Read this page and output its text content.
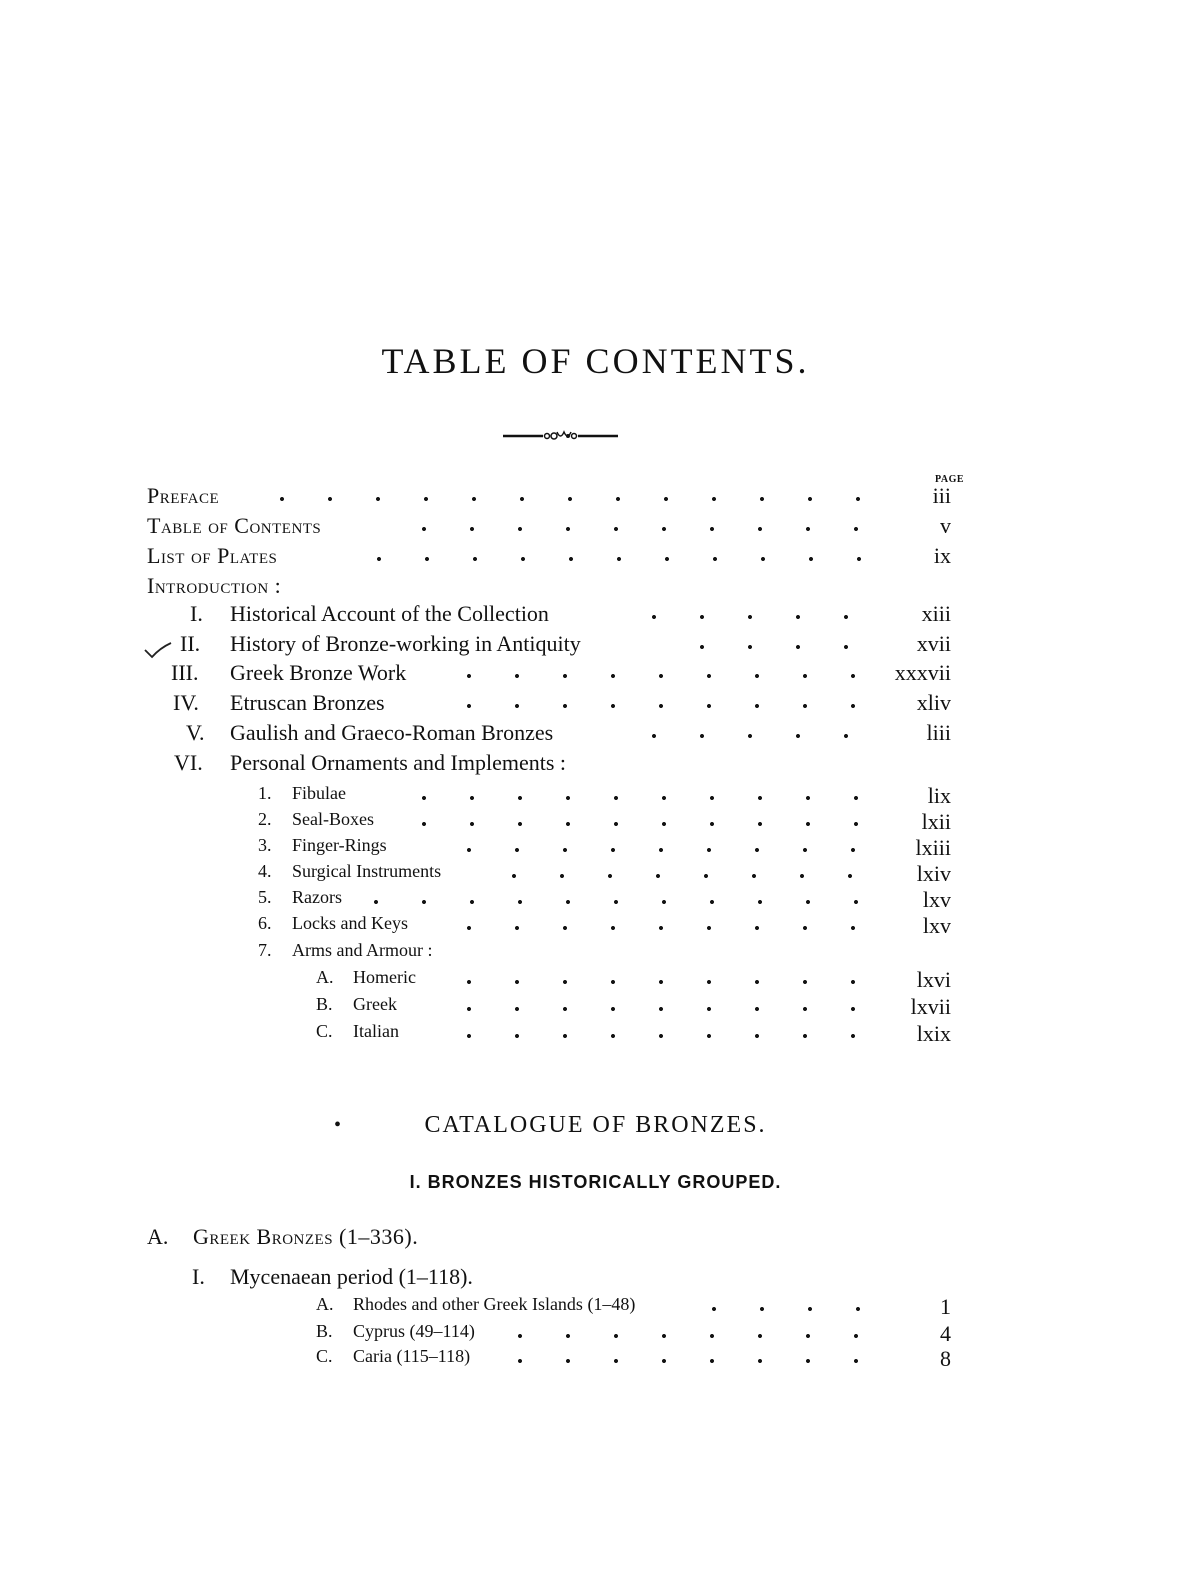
TABLE OF CONTENTS.
PAGE
Preface	iii
Table of Contents	v
List of Plates	ix
Introduction :
I. Historical Account of the Collection	xiii
II. History of Bronze-working in Antiquity	xvii
III. Greek Bronze Work	xxxvii
IV. Etruscan Bronzes	xliv
V. Gaulish and Graeco-Roman Bronzes	liii
VI. Personal Ornaments and Implements :
1. Fibulae	lix
2. Seal-Boxes	lxii
3. Finger-Rings	lxiii
4. Surgical Instruments	lxiv
5. Razors	lxv
6. Locks and Keys	lxv
7. Arms and Armour :
A. Homeric	lxvi
B. Greek	lxvii
C. Italian	lxix
•	CATALOGUE OF BRONZES.
I. BRONZES HISTORICALLY GROUPED.
A. Greek Bronzes (1–336).
I. Mycenaean period (1–118).
A. Rhodes and other Greek Islands (1–48)	1
B. Cyprus (49–114)	4
C. Caria (115–118)	8
